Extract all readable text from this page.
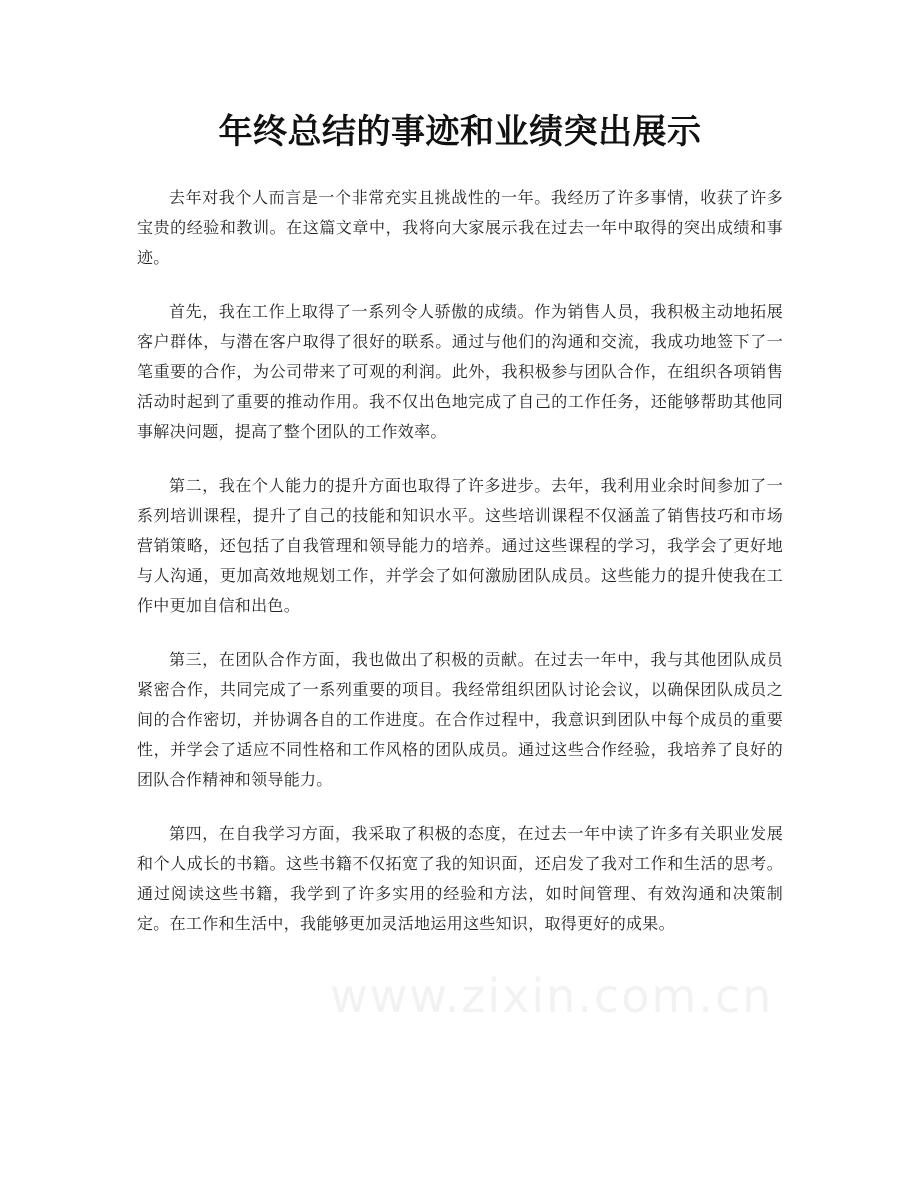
年终总结的事迹和业绩突出展示

去年对我个人而言是一个非常充实且挑战性的一年。我经历了许多事情，收获了许多宝贵的经验和教训。在这篇文章中，我将向大家展示我在过去一年中取得的突出成绩和事迹。

首先，我在工作上取得了一系列令人骄傲的成绩。作为销售人员，我积极主动地拓展客户群体，与潜在客户取得了很好的联系。通过与他们的沟通和交流，我成功地签下了一笔重要的合作，为公司带来了可观的利润。此外，我积极参与团队合作，在组织各项销售活动时起到了重要的推动作用。我不仅出色地完成了自己的工作任务，还能够帮助其他同事解决问题，提高了整个团队的工作效率。

第二，我在个人能力的提升方面也取得了许多进步。去年，我利用业余时间参加了一系列培训课程，提升了自己的技能和知识水平。这些培训课程不仅涵盖了销售技巧和市场营销策略，还包括了自我管理和领导能力的培养。通过这些课程的学习，我学会了更好地与人沟通，更加高效地规划工作，并学会了如何激励团队成员。这些能力的提升使我在工作中更加自信和出色。

第三，在团队合作方面，我也做出了积极的贡献。在过去一年中，我与其他团队成员紧密合作，共同完成了一系列重要的项目。我经常组织团队讨论会议，以确保团队成员之间的合作密切，并协调各自的工作进度。在合作过程中，我意识到团队中每个成员的重要性，并学会了适应不同性格和工作风格的团队成员。通过这些合作经验，我培养了良好的团队合作精神和领导能力。

第四，在自我学习方面，我采取了积极的态度，在过去一年中读了许多有关职业发展和个人成长的书籍。这些书籍不仅拓宽了我的知识面，还启发了我对工作和生活的思考。通过阅读这些书籍，我学到了许多实用的经验和方法，如时间管理、有效沟通和决策制定。在工作和生活中，我能够更加灵活地运用这些知识，取得更好的成果。

www.zixin.com.cn
